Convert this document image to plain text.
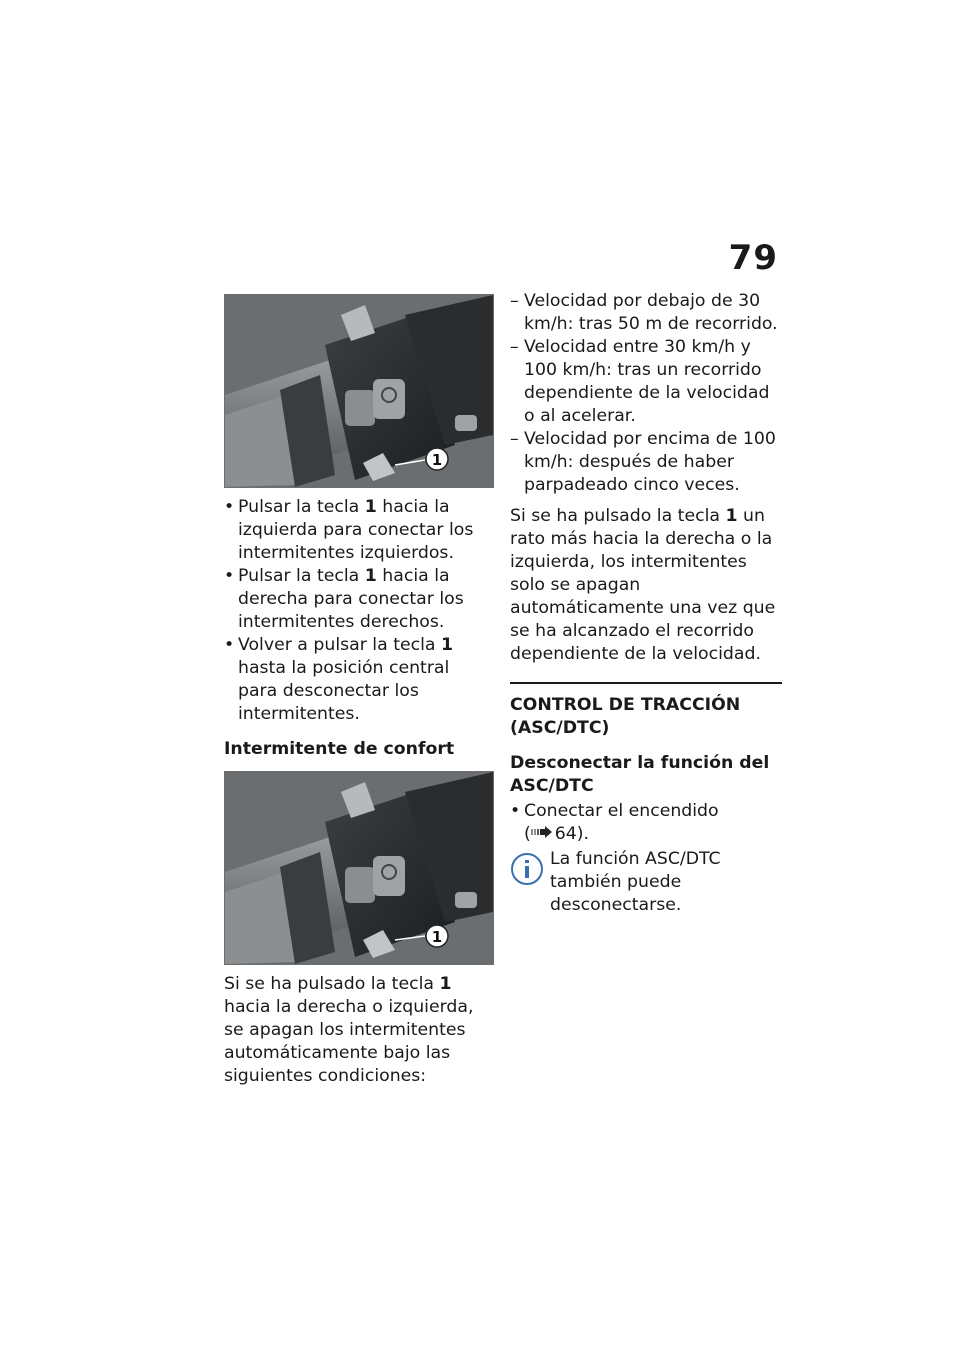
79
1
• Pulsar la tecla 1 hacia la izquierda para conectar los intermitentes izquierdos.
• Pulsar la tecla 1 hacia la derecha para conectar los intermitentes derechos.
• Volver a pulsar la tecla 1 hasta la posición central para desconectar los intermitentes.
Intermitente de confort
1

Si se ha pulsado la tecla 1 hacia la derecha o izquierda, se apagan los intermitentes automáticamente bajo las siguientes condiciones:

– Velocidad por debajo de 30 km/h: tras 50 m de recorrido.
– Velocidad entre 30 km/h y 100 km/h: tras un recorrido dependiente de la velocidad o al acelerar.
– Velocidad por encima de 100 km/h: después de haber parpadeado cinco veces.

Si se ha pulsado la tecla 1 un rato más hacia la derecha o la izquierda, los intermitentes solo se apagan automáticamente una vez que se ha alcanzado el recorrido dependiente de la velocidad.

CONTROL DE TRACCIÓN (ASC/DTC)
Desconectar la función del ASC/DTC
• Conectar el encendido
( 64).
La función ASC/DTC también puede desconectarse.
